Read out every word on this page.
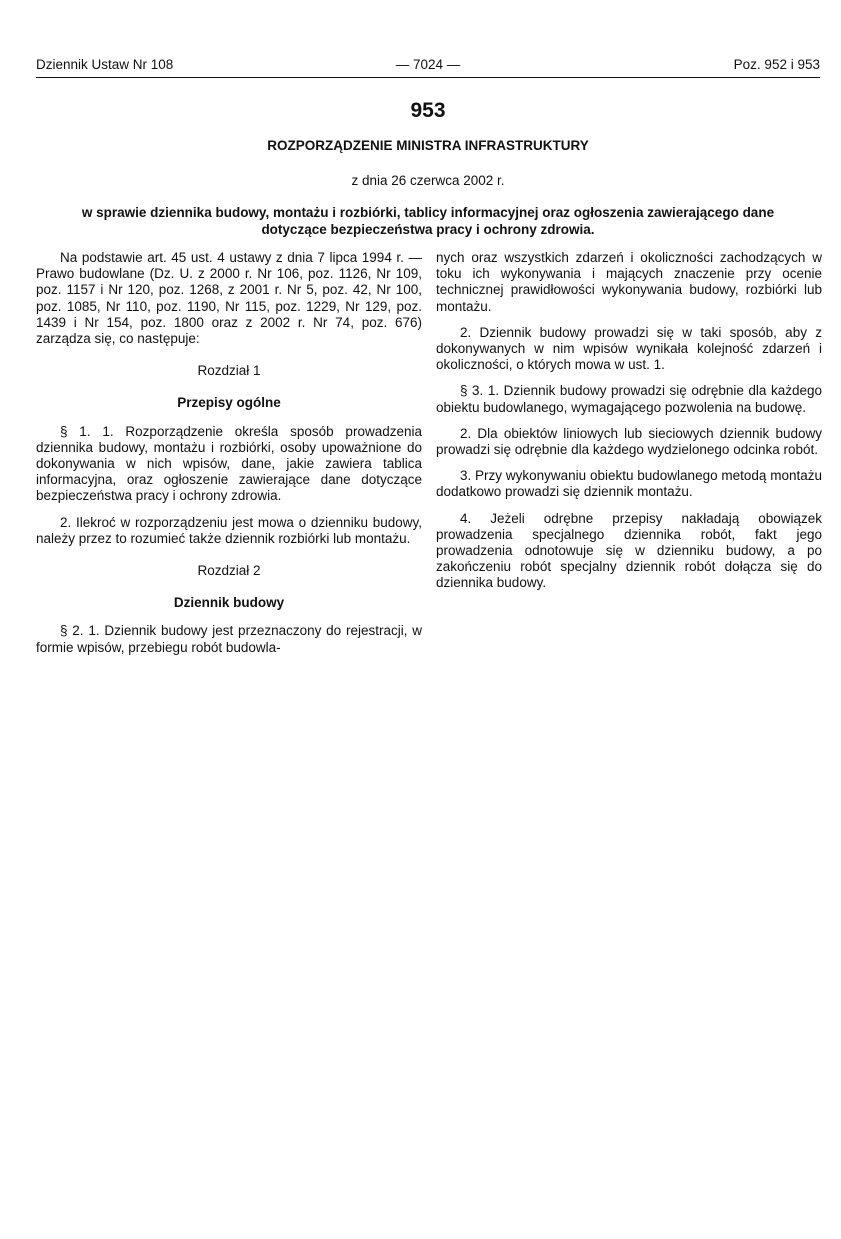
Dziennik Ustaw Nr 108	— 7024 —	Poz. 952 i 953
953
ROZPORZĄDZENIE MINISTRA INFRASTRUKTURY
z dnia 26 czerwca 2002 r.
w sprawie dziennika budowy, montażu i rozbiórki, tablicy informacyjnej oraz ogłoszenia zawierającego dane
dotyczące bezpieczeństwa pracy i ochrony zdrowia.

Na podstawie art. 45 ust. 4 ustawy z dnia 7 lipca 1994 r. — Prawo budowlane (Dz. U. z 2000 r. Nr 106, poz. 1126, Nr 109, poz. 1157 i Nr 120, poz. 1268, z 2001 r. Nr 5, poz. 42, Nr 100, poz. 1085, Nr 110, poz. 1190, Nr 115, poz. 1229, Nr 129, poz. 1439 i Nr 154, poz. 1800 oraz z 2002 r. Nr 74, poz. 676) zarządza się, co następuje:

Rozdział 1

Przepisy ogólne

§ 1. 1. Rozporządzenie określa sposób prowadzenia dziennika budowy, montażu i rozbiórki, osoby upoważnione do dokonywania w nich wpisów, dane, jakie zawiera tablica informacyjna, oraz ogłoszenie zawierające dane dotyczące bezpieczeństwa pracy i ochrony zdrowia.

2. Ilekroć w rozporządzeniu jest mowa o dzienniku budowy, należy przez to rozumieć także dziennik rozbiórki lub montażu.

Rozdział 2

Dziennik budowy

§ 2. 1. Dziennik budowy jest przeznaczony do rejestracji, w formie wpisów, przebiegu robót budowla-

nych oraz wszystkich zdarzeń i okoliczności zachodzących w toku ich wykonywania i mających znaczenie przy ocenie technicznej prawidłowości wykonywania budowy, rozbiórki lub montażu.

2. Dziennik budowy prowadzi się w taki sposób, aby z dokonywanych w nim wpisów wynikała kolejność zdarzeń i okoliczności, o których mowa w ust. 1.

§ 3. 1. Dziennik budowy prowadzi się odrębnie dla każdego obiektu budowlanego, wymagającego pozwolenia na budowę.

2. Dla obiektów liniowych lub sieciowych dziennik budowy prowadzi się odrębnie dla każdego wydzielonego odcinka robót.

3. Przy wykonywaniu obiektu budowlanego metodą montażu dodatkowo prowadzi się dziennik montażu.

4. Jeżeli odrębne przepisy nakładają obowiązek prowadzenia specjalnego dziennika robót, fakt jego prowadzenia odnotowuje się w dzienniku budowy, a po zakończeniu robót specjalny dziennik robót dołącza się do dziennika budowy.
